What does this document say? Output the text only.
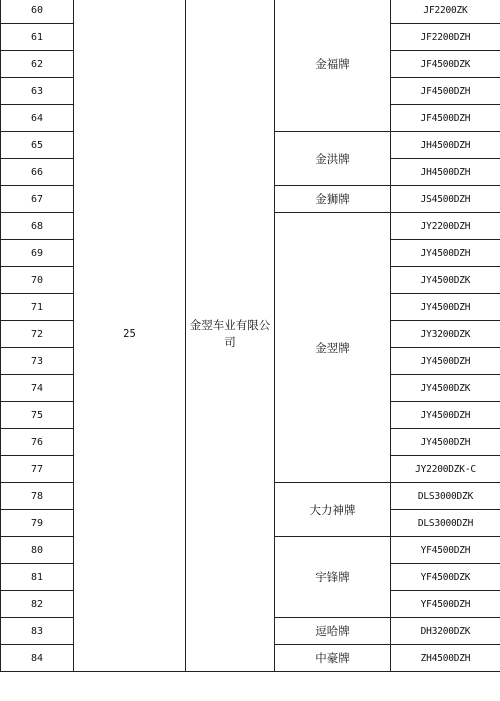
60	25	金翌车业有限公司	金福牌	JF2200ZK
61				JF2200DZH
62				JF4500DZK
63				JF4500DZH
64				JF4500DZH
65			金洪牌	JH4500DZH
66				JH4500DZH
67			金狮牌	JS4500DZH
68			金翌牌	JY2200DZH
69				JY4500DZH
70				JY4500DZK
71				JY4500DZH
72				JY3200DZK
73				JY4500DZH
74				JY4500DZK
75				JY4500DZH
76				JY4500DZH
77				JY2200DZK-C
78			大力神牌	DLS3000DZK
79				DLS3000DZH
80			宇锋牌	YF4500DZH
81				YF4500DZK
82				YF4500DZH
83			逗哈牌	DH3200DZK
84			中豪牌	ZH4500DZH
